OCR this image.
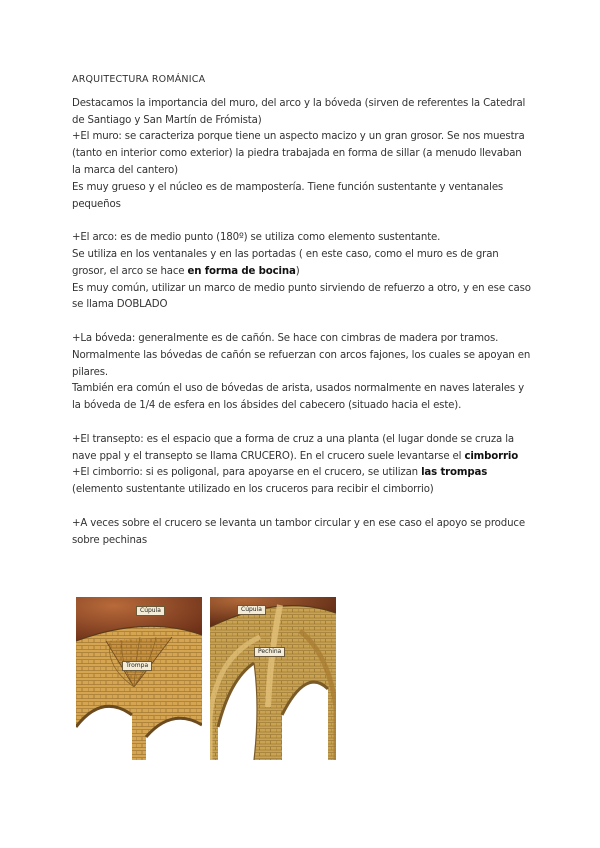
ARQUITECTURA ROMÁNICA

Destacamos la importancia del muro, del arco y la bóveda (sirven de referentes la Catedral de Santiago y San Martín de Frómista)

+El muro: se caracteriza porque tiene un aspecto macizo y un gran grosor. Se nos muestra (tanto en interior como exterior) la piedra trabajada en forma de sillar (a menudo llevaban la marca del cantero)

Es muy grueso y el núcleo es de mampostería. Tiene función sustentante y ventanales pequeños

+El arco: es de medio punto (180º) se utiliza como elemento sustentante.

Se utiliza en los ventanales y en las portadas ( en este caso, como el muro es de gran grosor, el arco se hace en forma de bocina)

Es muy común, utilizar un marco de medio punto sirviendo de refuerzo a otro, y en ese caso se llama DOBLADO

+La bóveda: generalmente es de cañón. Se hace con cimbras de madera por tramos. Normalmente las bóvedas de cañón se refuerzan con arcos fajones, los cuales se apoyan en pilares.

También era común el uso de bóvedas de arista, usados normalmente en naves laterales y la bóveda de 1/4 de esfera en los ábsides del cabecero (situado hacia el este).

+El transepto: es el espacio que a forma de cruz a una planta (el lugar donde se cruza la nave ppal y el transepto se llama CRUCERO). En el crucero suele levantarse el cimborrio

+El cimborrio: si es poligonal, para apoyarse en el crucero, se utilizan las trompas (elemento sustentante utilizado en los cruceros para recibir el cimborrio)

+A veces sobre el crucero se levanta un tambor circular y en ese caso el apoyo se produce sobre pechinas

Cúpula
Trompa
Cúpula
Pechina
